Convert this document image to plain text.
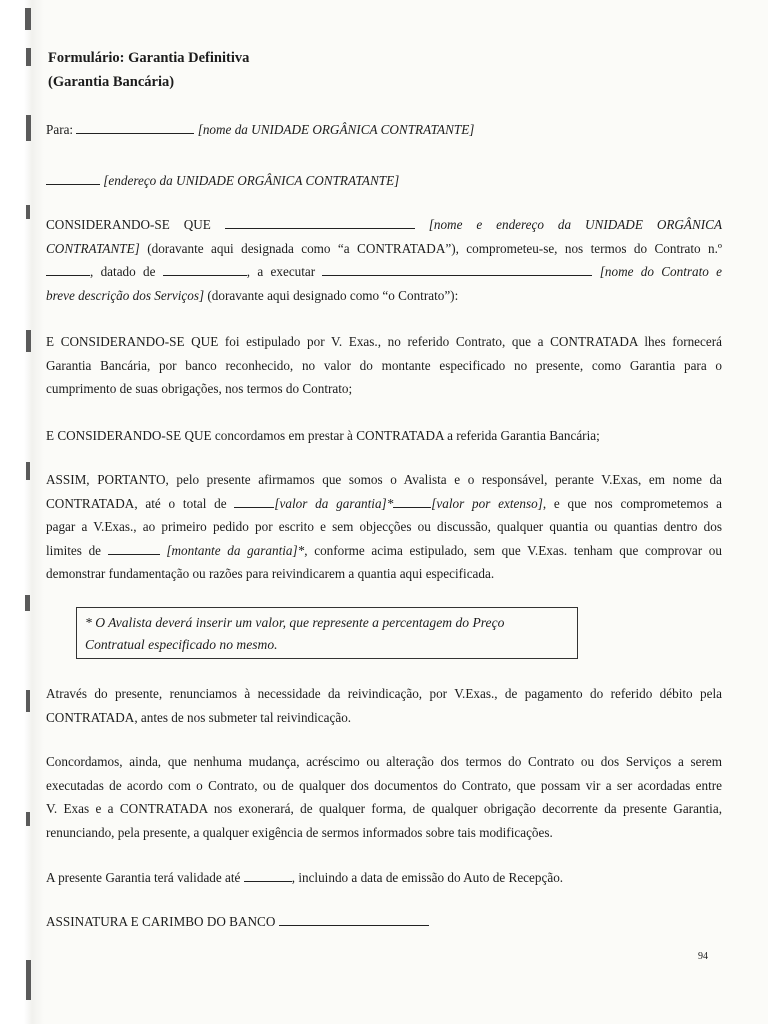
Formulário: Garantia Definitiva
(Garantia Bancária)

Para:	[nome da UNIDADE ORGÂNICA CONTRATANTE]

[endereço da UNIDADE ORGÂNICA CONTRATANTE]

CONSIDERANDO-SE QUE	[nome e endereço da UNIDADE ORGÂNICA
CONTRATANTE] (doravante aqui designada como “a CONTRATADA”), comprometeu-se, nos termos do Contrato n.º
, datado de	, a executar	[nome do Contrato e
breve descrição dos Serviços] (doravante aqui designado como “o Contrato”):
E CONSIDERANDO-SE QUE foi estipulado por V. Exas., no referido Contrato, que a CONTRATADA lhes fornecerá
Garantia Bancária, por banco reconhecido, no valor do montante especificado no presente, como Garantia para o
cumprimento de suas obrigações, nos termos do Contrato;

E CONSIDERANDO-SE QUE concordamos em prestar à CONTRATADA a referida Garantia Bancária;

ASSIM, PORTANTO, pelo presente afirmamos que somos o Avalista e o responsável, perante V.Exas, em nome da
CONTRATADA, até o total de	[valor da garantia]*	[valor por extenso], e que nos comprometemos a
pagar a V.Exas., ao primeiro pedido por escrito e sem objecções ou discussão, qualquer quantia ou quantias dentro dos
limites de	[montante da garantia]*, conforme acima estipulado, sem que V.Exas. tenham que comprovar ou
demonstrar fundamentação ou razões para reivindicarem a quantia aqui especificada.
* O Avalista deverá inserir um valor, que represente a percentagem do Preço
Contratual especificado no mesmo.
Através do presente, renunciamos à necessidade da reivindicação, por V.Exas., de pagamento do referido débito pela
CONTRATADA, antes de nos submeter tal reivindicação.
Concordamos, ainda, que nenhuma mudança, acréscimo ou alteração dos termos do Contrato ou dos Serviços a serem
executadas de acordo com o Contrato, ou de qualquer dos documentos do Contrato, que possam vir a ser acordadas entre
V. Exas e a CONTRATADA nos exonerará, de qualquer forma, de qualquer obrigação decorrente da presente Garantia,
renunciando, pela presente, a qualquer exigência de sermos informados sobre tais modificações.

A presente Garantia terá validade até	, incluindo a data de emissão do Auto de Recepção.

ASSINATURA E CARIMBO DO BANCO

94
